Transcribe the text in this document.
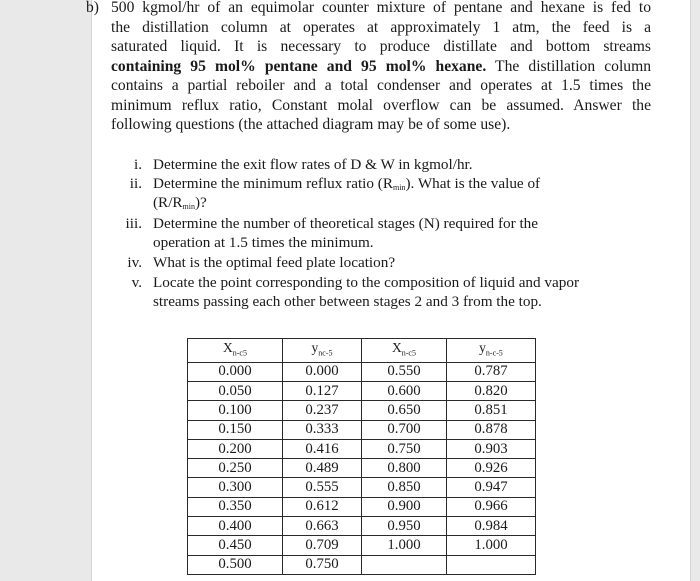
b) 500 kgmol/hr of an equimolar counter mixture of pentane and hexane is fed to
the distillation column at operates at approximately 1 atm, the feed is a
saturated liquid. It is necessary to produce distillate and bottom streams
containing 95 mol% pentane and 95 mol% hexane. The distillation column
contains a partial reboiler and a total condenser and operates at 1.5 times the
minimum reflux ratio, Constant molal overflow can be assumed. Answer the
following questions (the attached diagram may be of some use).
i. Determine the exit flow rates of D & W in kgmol/hr.
ii. Determine the minimum reflux ratio $(R_{min})$. What is the value of
$(R/R_{min})$?
iii. Determine the number of theoretical stages (N) required for the
operation at 1.5 times the minimum.
iv. What is the optimal feed plate location?
v. Locate the point corresponding to the composition of liquid and vapor
streams passing each other between stages 2 and 3 from the top.
$X_{n-c5}$	$y_{nc-5}$	$X_{n-c5}$	$y_{n-c-5}$
0.000	0.000	0.550	0.787
0.050	0.127	0.600	0.820
0.100	0.237	0.650	0.851
0.150	0.333	0.700	0.878
0.200	0.416	0.750	0.903
0.250	0.489	0.800	0.926
0.300	0.555	0.850	0.947
0.350	0.612	0.900	0.966
0.400	0.663	0.950	0.984
0.450	0.709	1.000	1.000
0.500	0.750		
